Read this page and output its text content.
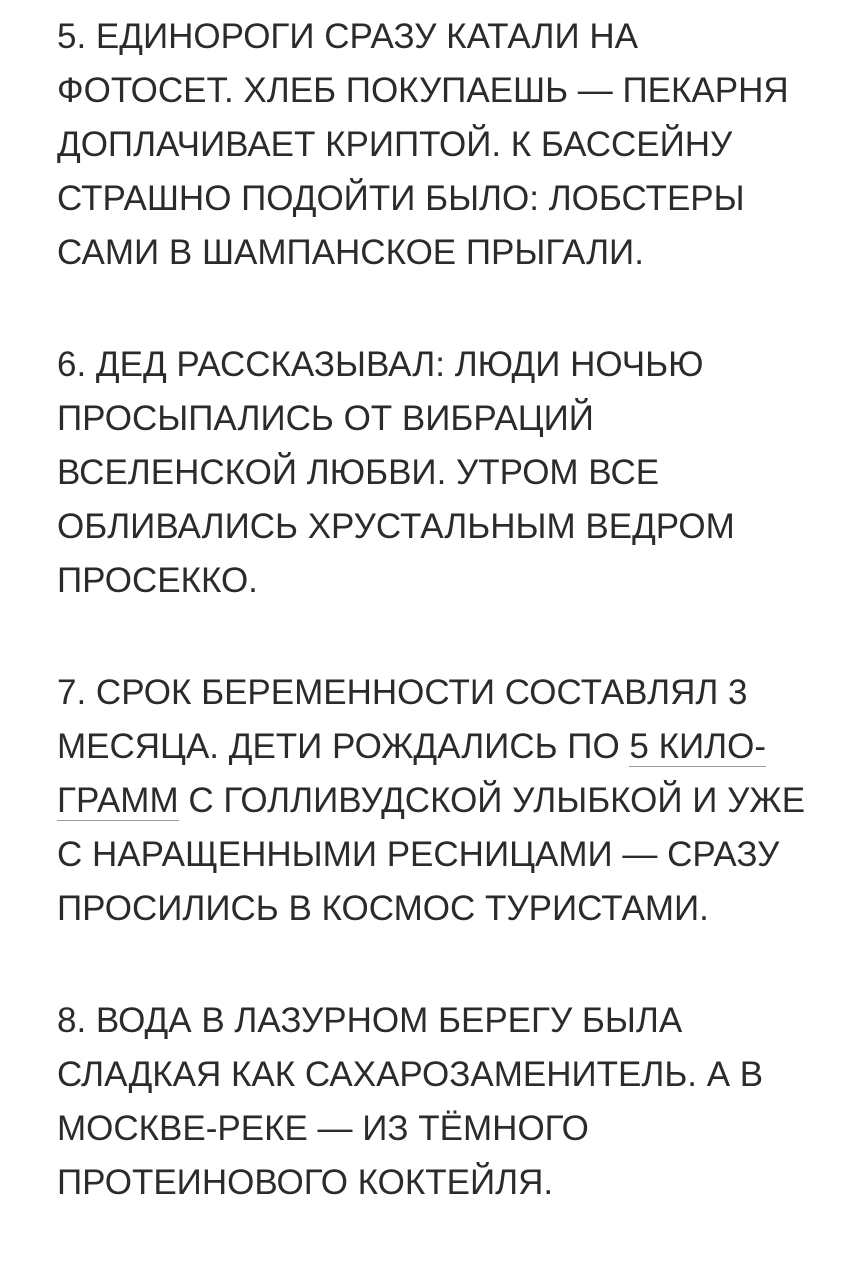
5. ЕДИНОРОГИ СРАЗУ КАТАЛИ НА
ФОТОСЕТ. ХЛЕБ ПОКУПАЕШЬ — ПЕКАРНЯ
ДОПЛАЧИВАЕТ КРИПТОЙ. К БАССЕЙНУ
СТРАШНО ПОДОЙТИ БЫЛО: ЛОБСТЕРЫ
САМИ В ШАМПАНСКОЕ ПРЫГАЛИ.
6. ДЕД РАССКАЗЫВАЛ: ЛЮДИ НОЧЬЮ
ПРОСЫПАЛИСЬ ОТ ВИБРАЦИЙ
ВСЕЛЕНСКОЙ ЛЮБВИ. УТРОМ ВСЕ
ОБЛИВАЛИСЬ ХРУСТАЛЬНЫМ ВЕДРОМ
ПРОСЕККО.
7. СРОК БЕРЕМЕННОСТИ СОСТАВЛЯЛ 3
МЕСЯЦА. ДЕТИ РОЖДАЛИСЬ ПО 5 КИЛО-
ГРАММ С ГОЛЛИВУДСКОЙ УЛЫБКОЙ И УЖЕ
С НАРАЩЕННЫМИ РЕСНИЦАМИ — СРАЗУ
ПРОСИЛИСЬ В КОСМОС ТУРИСТАМИ.
8. ВОДА В ЛАЗУРНОМ БЕРЕГУ БЫЛА
СЛАДКАЯ КАК САХАРОЗАМЕНИТЕЛЬ. А В
МОСКВЕ-РЕКЕ — ИЗ ТЁМНОГО
ПРОТЕИНОВОГО КОКТЕЙЛЯ.
